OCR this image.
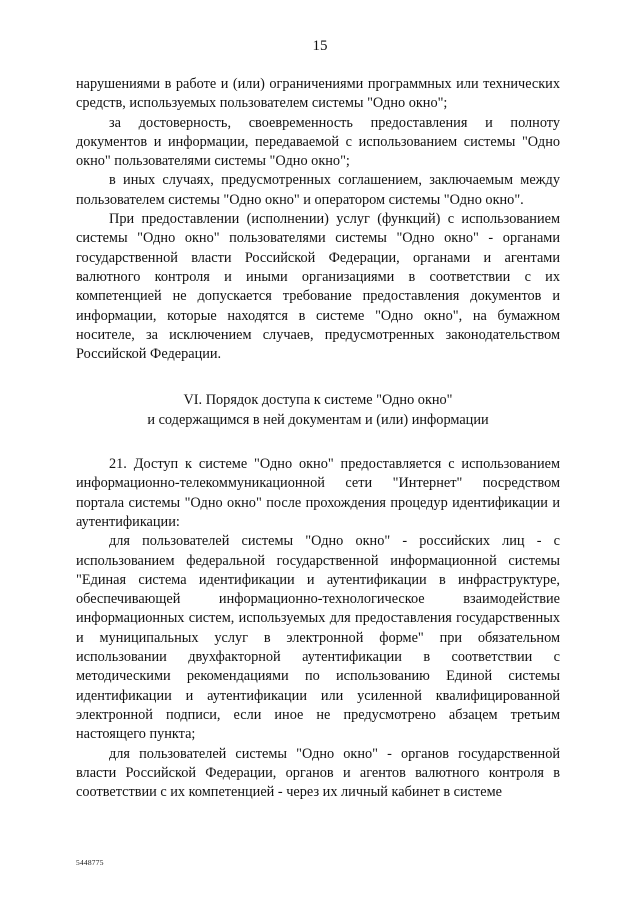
15

нарушениями в работе и (или) ограничениями программных или технических средств, используемых пользователем системы "Одно окно";

за достоверность, своевременность предоставления и полноту документов и информации, передаваемой с использованием системы "Одно окно" пользователями системы "Одно окно";

в иных случаях, предусмотренных соглашением, заключаемым между пользователем системы "Одно окно" и оператором системы "Одно окно".

При предоставлении (исполнении) услуг (функций) с использованием системы "Одно окно" пользователями системы "Одно окно" - органами государственной власти Российской Федерации, органами и агентами валютного контроля и иными организациями в соответствии с их компетенцией не допускается требование предоставления документов и информации, которые находятся в системе "Одно окно", на бумажном носителе, за исключением случаев, предусмотренных законодательством Российской Федерации.

VI. Порядок доступа к системе "Одно окно"
и содержащимся в ней документам и (или) информации

21. Доступ к системе "Одно окно" предоставляется с использованием информационно-телекоммуникационной сети "Интернет" посредством портала системы "Одно окно" после прохождения процедур идентификации и аутентификации:

для пользователей системы "Одно окно" - российских лиц - с использованием федеральной государственной информационной системы "Единая система идентификации и аутентификации в инфраструктуре, обеспечивающей информационно-технологическое взаимодействие информационных систем, используемых для предоставления государственных и муниципальных услуг в электронной форме" при обязательном использовании двухфакторной аутентификации в соответствии с методическими рекомендациями по использованию Единой системы идентификации и аутентификации или усиленной квалифицированной электронной подписи, если иное не предусмотрено абзацем третьим настоящего пункта;

для пользователей системы "Одно окно" - органов государственной власти Российской Федерации, органов и агентов валютного контроля в соответствии с их компетенцией - через их личный кабинет в системе

5448775
